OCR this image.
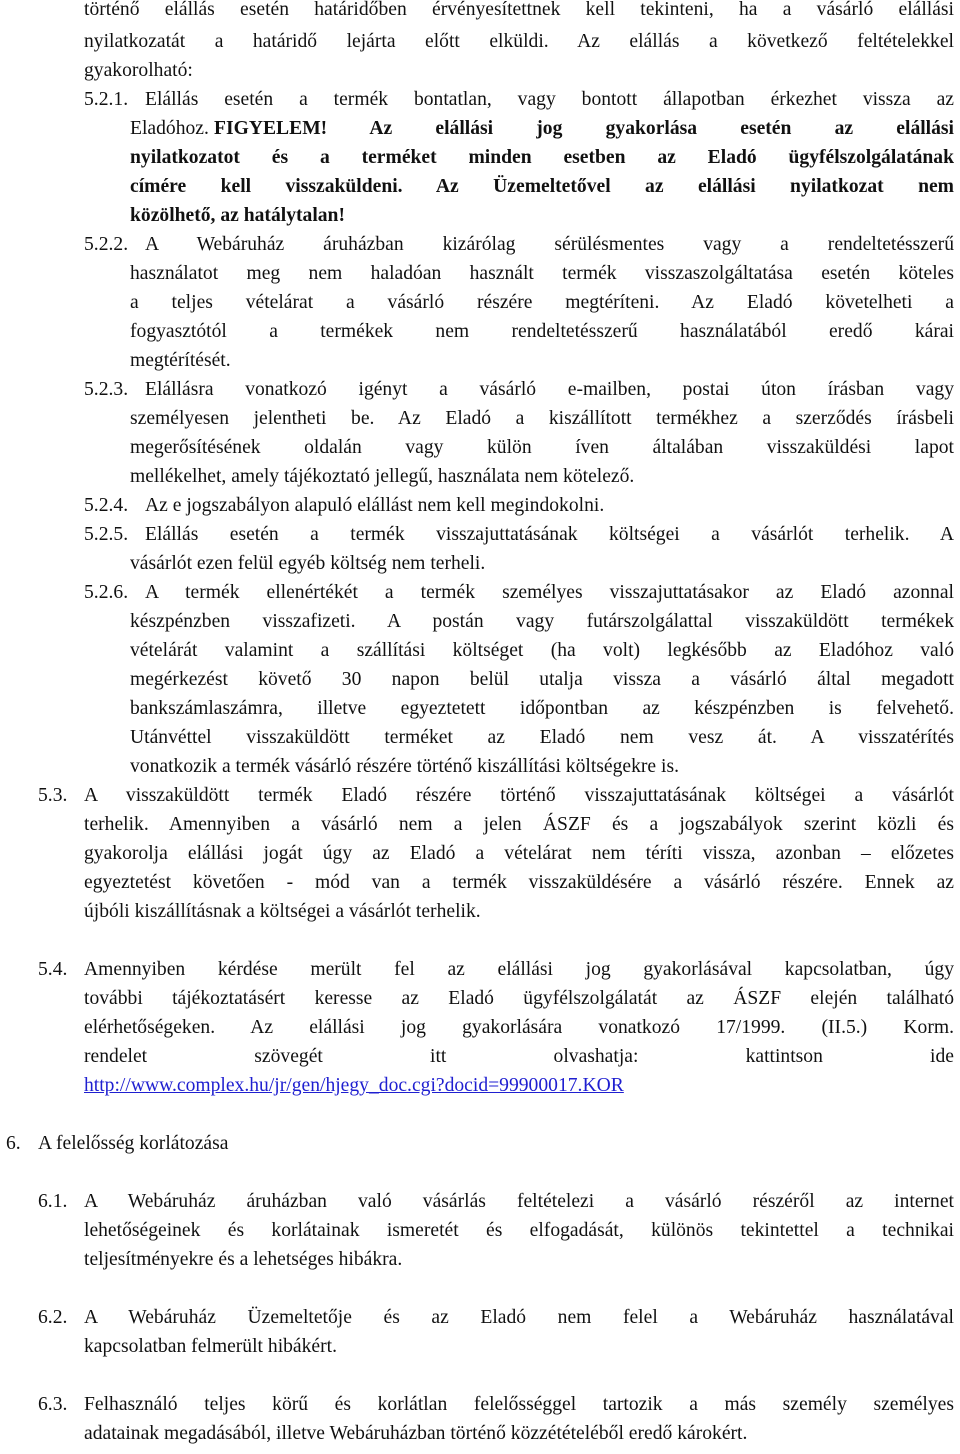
történő elállás esetén határidőben érvényesítettnek kell tekinteni, ha a vásárló elállási
nyilatkozatát a határidő lejárta előtt elküldi. Az elállás a következő feltételekkel
gyakorolható:
5.2.1. Elállás esetén a termék bontatlan, vagy bontott állapotban érkezhet vissza az
Eladóhoz. FIGYELEM! Az elállási jog gyakorlása esetén az elállási
nyilatkozatot és a terméket minden esetben az Eladó ügyfélszolgálatának
címére kell visszaküldeni. Az Üzemeltetővel az elállási nyilatkozat nem
közölhető, az hatálytalan!
5.2.2. A Webáruház áruházban kizárólag sérülésmentes vagy a rendeltetésszerű
használatot meg nem haladóan használt termék visszaszolgáltatása esetén köteles
a teljes vételárat a vásárló részére megtéríteni. Az Eladó követelheti a
fogyasztótól a termékek nem rendeltetésszerű használatából eredő kárai
megtérítését.
5.2.3. Elállásra vonatkozó igényt a vásárló e-mailben, postai úton írásban vagy
személyesen jelentheti be. Az Eladó a kiszállított termékhez a szerződés írásbeli
megerősítésének oldalán vagy külön íven általában visszaküldési lapot
mellékelhet, amely tájékoztató jellegű, használata nem kötelező.
5.2.4. Az e jogszabályon alapuló elállást nem kell megindokolni.
5.2.5. Elállás esetén a termék visszajuttatásának költségei a vásárlót terhelik. A
vásárlót ezen felül egyéb költség nem terheli.
5.2.6. A termék ellenértékét a termék személyes visszajuttatásakor az Eladó azonnal
készpénzben visszafizeti. A postán vagy futárszolgálattal visszaküldött termékek
vételárát valamint a szállítási költséget (ha volt) legkésőbb az Eladóhoz való
megérkezést követő 30 napon belül utalja vissza a vásárló által megadott
bankszámlaszámra, illetve egyeztetett időpontban az készpénzben is felvehető.
Utánvéttel visszaküldött terméket az Eladó nem vesz át. A visszatérítés
vonatkozik a termék vásárló részére történő kiszállítási költségekre is.
5.3. A visszaküldött termék Eladó részére történő visszajuttatásának költségei a vásárlót
terhelik. Amennyiben a vásárló nem a jelen ÁSZF és a jogszabályok szerint közli és
gyakorolja elállási jogát úgy az Eladó a vételárat nem téríti vissza, azonban – előzetes
egyeztetést követően - mód van a termék visszaküldésére a vásárló részére. Ennek az
újbóli kiszállításnak a költségei a vásárlót terhelik.
5.4. Amennyiben kérdése merült fel az elállási jog gyakorlásával kapcsolatban, úgy
további tájékoztatásért keresse az Eladó ügyfélszolgálatát az ÁSZF elején található
elérhetőségeken. Az elállási jog gyakorlására vonatkozó 17/1999. (II.5.) Korm.
rendelet szövegét itt olvashatja: kattintson ide
http://www.complex.hu/jr/gen/hjegy_doc.cgi?docid=99900017.KOR
6. A felelősség korlátozása
6.1. A Webáruház áruházban való vásárlás feltételezi a vásárló részéről az internet
lehetőségeinek és korlátainak ismeretét és elfogadását, különös tekintettel a technikai
teljesítményekre és a lehetséges hibákra.
6.2. A Webáruház Üzemeltetője és az Eladó nem felel a Webáruház használatával
kapcsolatban felmerült hibákért.
6.3. Felhasználó teljes körű és korlátlan felelősséggel tartozik a más személy személyes
adatainak megadásából, illetve Webáruházban történő közzétételéből eredő károkért.
